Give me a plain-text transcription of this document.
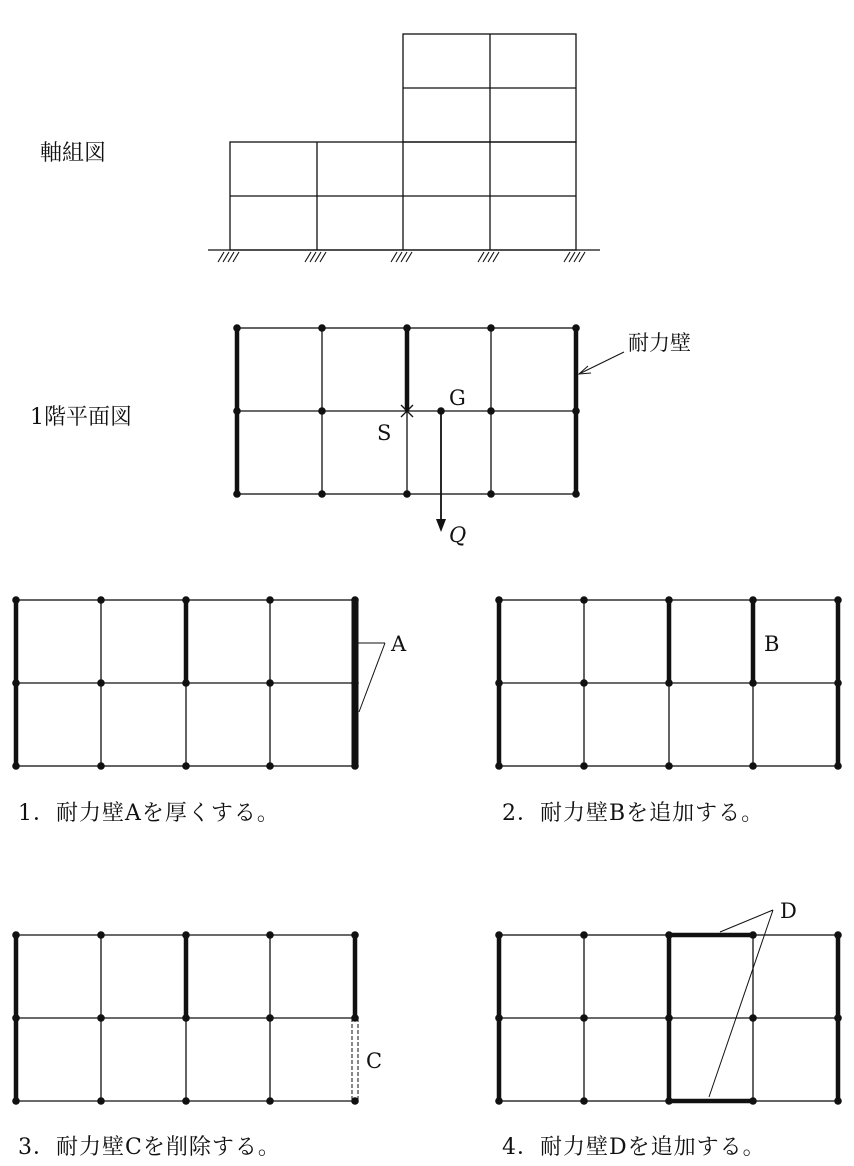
軸組図
1階平面図
S
G
Q
耐力壁
A	B
C
D
1．耐力壁Aを厚くする。	2．耐力壁Bを追加する。
3．耐力壁Cを削除する。	4．耐力壁Dを追加する。
